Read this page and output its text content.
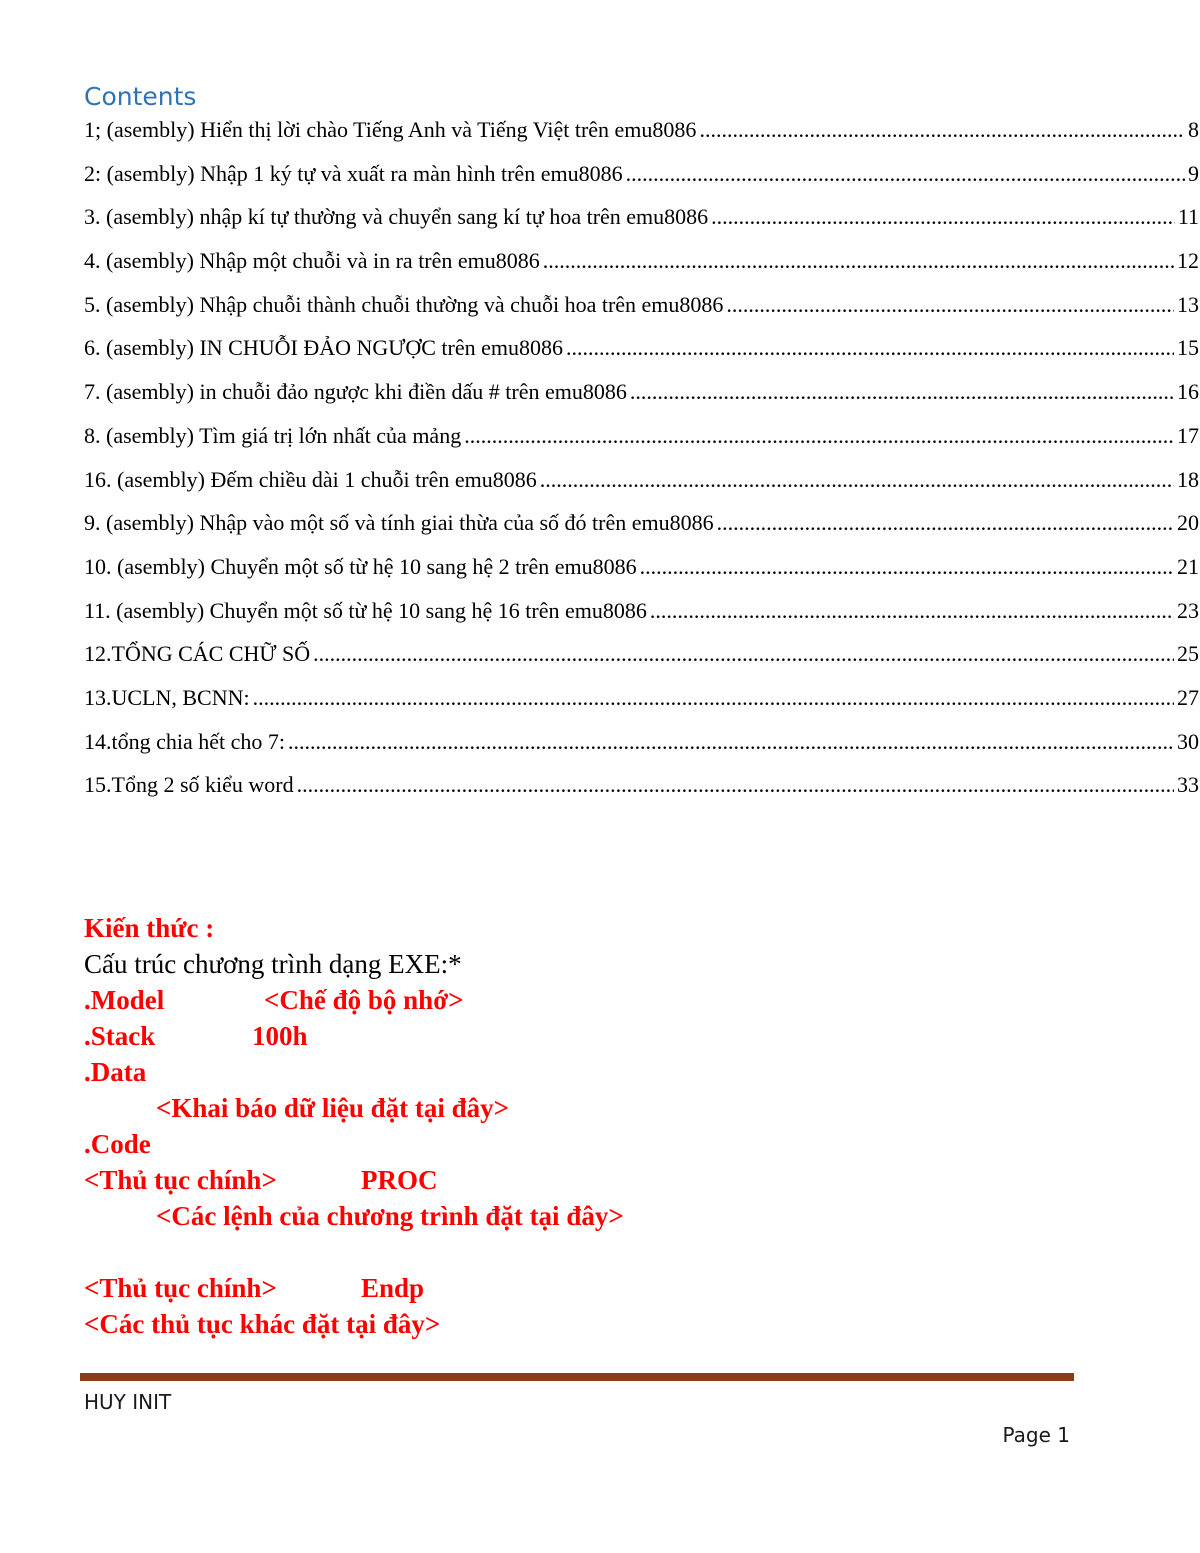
Contents
1; (asembly) Hiển thị lời chào Tiếng Anh và Tiếng Việt trên emu8086 .....	8
2: (asembly) Nhập 1 ký tự và xuất ra màn hình trên emu8086 .....	9
3. (asembly) nhập kí tự thường và chuyển sang kí tự hoa trên emu8086 .....	11
4. (asembly) Nhập một chuỗi và in ra trên emu8086 .....	12
5. (asembly) Nhập chuỗi thành chuỗi thường và chuỗi hoa trên emu8086 .....	13
6. (asembly) IN CHUỖI ĐẢO NGƯỢC trên emu8086 .....	15
7. (asembly) in chuỗi đảo ngược khi điền dấu # trên emu8086 .....	16
8. (asembly) Tìm giá trị lớn nhất của mảng .....	17
16. (asembly) Đếm chiều dài 1 chuỗi trên emu8086 .....	18
9. (asembly) Nhập vào một số và tính giai thừa của số đó trên emu8086 .....	20
10. (asembly) Chuyển một số từ hệ 10 sang hệ 2 trên emu8086 .....	21
11. (asembly) Chuyển một số từ hệ 10 sang hệ 16 trên emu8086 .....	23
12.TỔNG CÁC CHỮ SỐ .....	25
13.UCLN, BCNN: .....	27
14.tổng chia hết cho 7: .....	30
15.Tổng 2 số kiểu word .....	33
Kiến thức :
Cấu trúc chương trình dạng EXE:*
.Model	<Chế độ bộ nhớ>
.Stack	100h
.Data
<Khai báo dữ liệu đặt tại đây>
.Code
<Thủ tục chính>	PROC
<Các lệnh của chương trình đặt tại đây>
<Thủ tục chính>	Endp
<Các thủ tục khác đặt tại đây>
HUY INIT
Page 1
